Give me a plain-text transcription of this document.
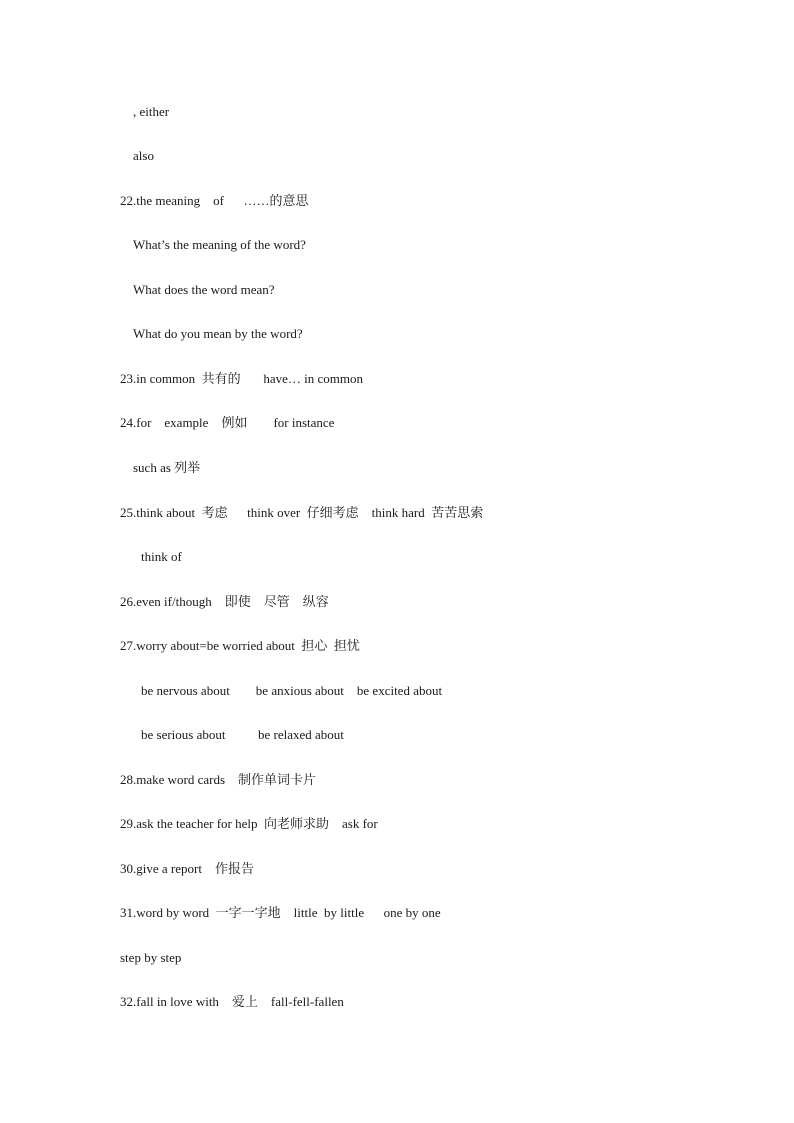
, either
also
22.the meaning    of      ……的意思
What’s the meaning of the word?
What does the word mean?
What do you mean by the word?
23.in common  共有的       have… in common
24.for    example    例如        for instance
such as 列举
25.think about  考虑      think over  仔细考虑    think hard  苦苦思索
think of
26.even if/though    即使    尽管    纵容
27.worry about=be worried about  担心  担忧
be nervous about        be anxious about    be excited about
be serious about          be relaxed about
28.make word cards    制作单词卡片
29.ask the teacher for help  向老师求助    ask for
30.give a report    作报告
31.word by word  一字一字地    little  by little      one by one
step by step
32.fall in love with    爱上    fall-fell-fallen
